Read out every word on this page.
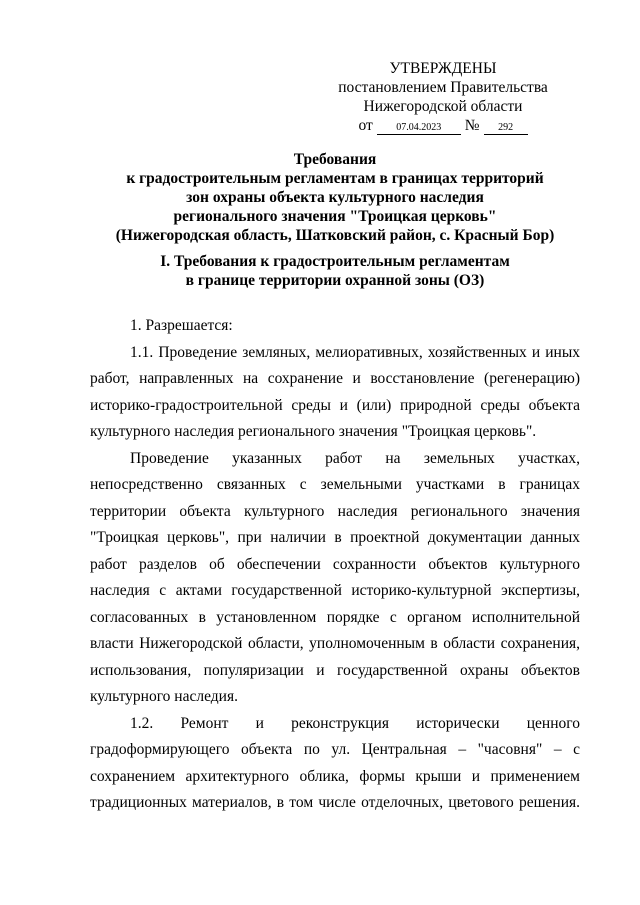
УТВЕРЖДЕНЫ
постановлением Правительства
Нижегородской области
от	07.04.2023	№	292
Требования
к градостроительным регламентам в границах территорий
зон охраны объекта культурного наследия
регионального значения "Троицкая церковь"
(Нижегородская область, Шатковский район, с. Красный Бор)
I. Требования к градостроительным регламентам
в границе территории охранной зоны (ОЗ)

1. Разрешается:

1.1. Проведение земляных, мелиоративных, хозяйственных и иных работ, направленных на сохранение и восстановление (регенерацию) историко-градостроительной среды и (или) природной среды объекта культурного наследия регионального значения "Троицкая церковь".

Проведение указанных работ на земельных участках, непосредственно связанных с земельными участками в границах территории объекта культурного наследия регионального значения "Троицкая церковь", при наличии в проектной документации данных работ разделов об обеспечении сохранности объектов культурного наследия с актами государственной историко-культурной экспертизы, согласованных в установленном порядке с органом исполнительной власти Нижегородской области, уполномоченным в области сохранения, использования, популяризации и государственной охраны объектов культурного наследия.

1.2. Ремонт и реконструкция исторически ценного градоформирующего объекта по ул. Центральная – "часовня" – с сохранением архитектурного облика, формы крыши и применением традиционных материалов, в том числе отделочных, цветового решения.
